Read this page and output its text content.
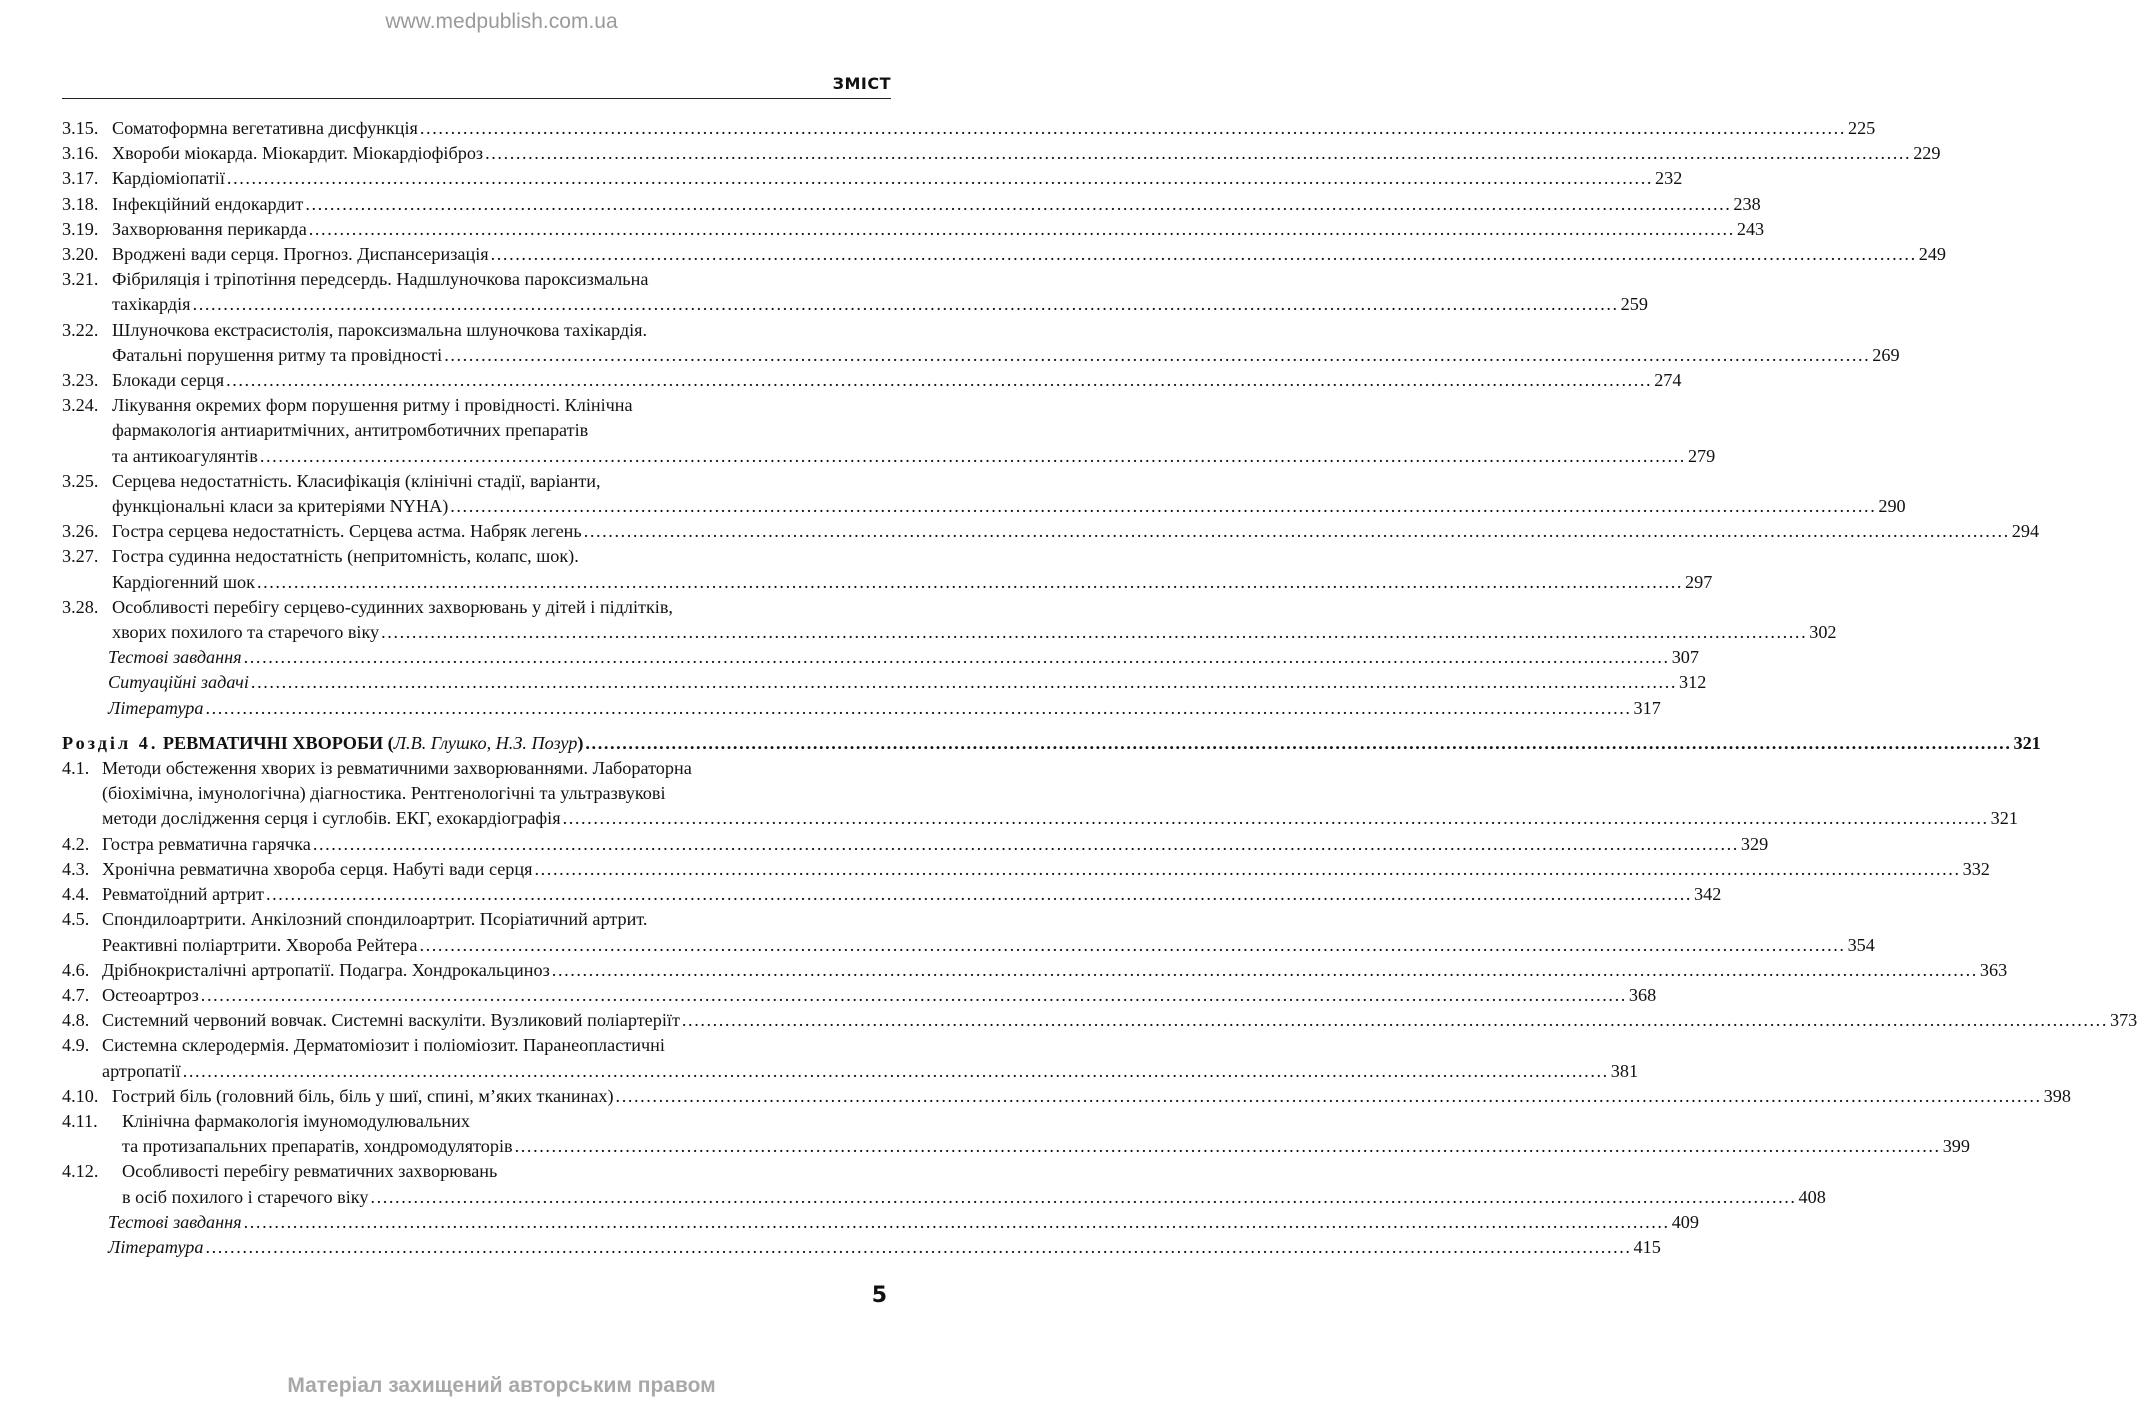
www.medpublish.com.ua
ЗМІСТ
3.15. Соматоформна вегетативна дисфункція .....	225
3.16. Хвороби міокарда. Міокардит. Міокардіофіброз .....	229
3.17. Кардіоміопатії .....	232
3.18. Інфекційний ендокардит .....	238
3.19. Захворювання перикарда .....	243
3.20. Вроджені вади серця. Прогноз. Диспансеризація .....	249
3.21. Фібриляція і тріпотіння передсердь. Надшлуночкова пароксизмальна
тахікардія .....	259
3.22. Шлуночкова екстрасистолія, пароксизмальна шлуночкова тахікардія.
Фатальні порушення ритму та провідності .....	269
3.23. Блокади серця .....	274
3.24. Лікування окремих форм порушення ритму і провідності. Клінічна
фармакологія антиаритмічних, антитромботичних препаратів
та антикоагулянтів .....	279
3.25. Серцева недостатність. Класифікація (клінічні стадії, варіанти,
функціональні класи за критеріями NYHA) .....	290
3.26. Гостра серцева недостатність. Серцева астма. Набряк легень .....	294
3.27. Гостра судинна недостатність (непритомність, колапс, шок).
Кардіогенний шок .....	297
3.28. Особливості перебігу серцево-судинних захворювань у дітей і підлітків,
хворих похилого та старечого віку .....	302
Тестові завдання .....	307
Ситуаційні задачі .....	312
Література .....	317
Розділ 4. РЕВМАТИЧНІ ХВОРОБИ (Л.В. Глушко, Н.З. Позур) .....	321
4.1. Методи обстеження хворих із ревматичними захворюваннями. Лабораторна
(біохімічна, імунологічна) діагностика. Рентгенологічні та ультразвукові
методи дослідження серця і суглобів. ЕКГ, ехокардіографія .....	321
4.2. Гостра ревматична гарячка .....	329
4.3. Хронічна ревматична хвороба серця. Набуті вади серця .....	332
4.4. Ревматоїдний артрит .....	342
4.5. Спондилоартрити. Анкілозний спондилоартрит. Псоріатичний артрит.
Реактивні поліартрити. Хвороба Рейтера .....	354
4.6. Дрібнокристалічні артропатії. Подагра. Хондрокальциноз .....	363
4.7. Остеоартроз .....	368
4.8. Системний червоний вовчак. Системні васкуліти. Вузликовий поліартеріїт .....	373
4.9. Системна склеродермія. Дерматоміозит і поліоміозит. Паранеопластичні
артропатії .....	381
4.10. Гострий біль (головний біль, біль у шиї, спині, м’яких тканинах) .....	398
4.11.	Клінічна фармакологія імуномодулювальних
та протизапальних препаратів, хондромодуляторів .....	399
4.12.	Особливості перебігу ревматичних захворювань
в осіб похилого і старечого віку .....	408
Тестові завдання .....	409
Література .....	415
5
Матеріал захищений авторським правом
